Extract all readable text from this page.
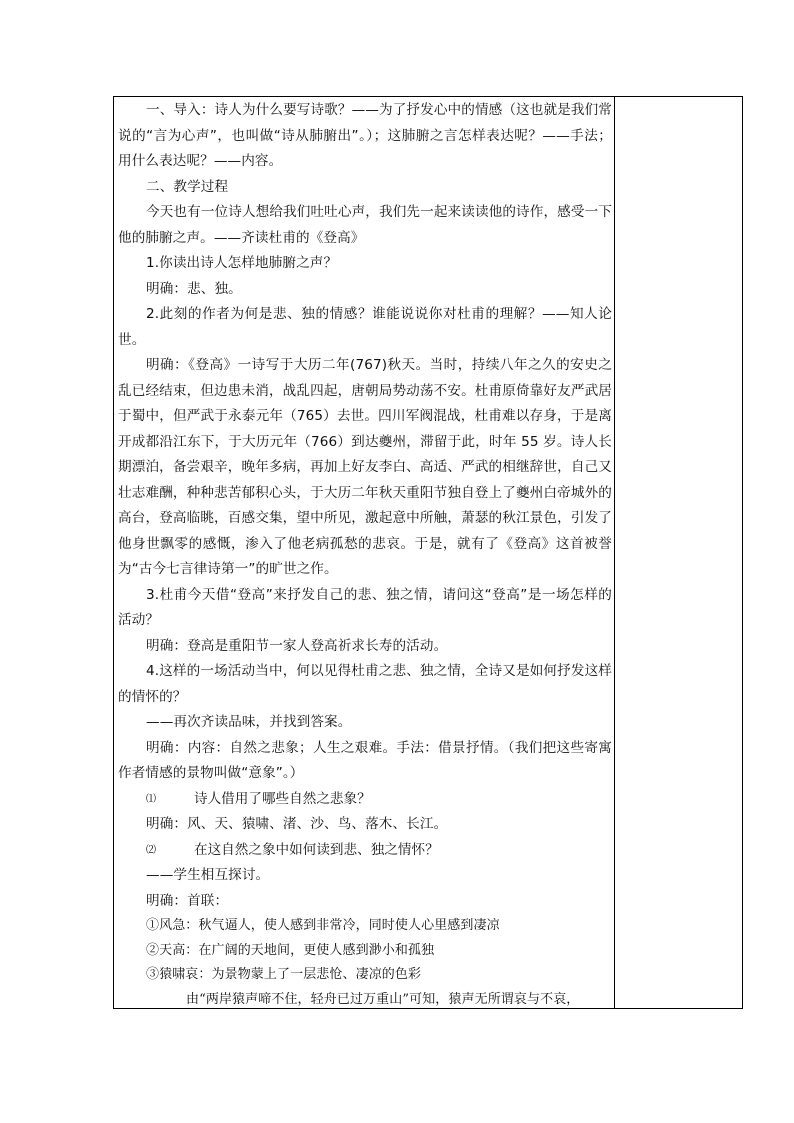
一、导入：诗人为什么要写诗歌？——为了抒发心中的情感（这也就是我们常说的“言为心声”，也叫做“诗从肺腑出”。）；这肺腑之言怎样表达呢？——手法；用什么表达呢？——内容。

二、教学过程

今天也有一位诗人想给我们吐吐心声，我们先一起来读读他的诗作，感受一下他的肺腑之声。——齐读杜甫的《登高》

1.你读出诗人怎样地肺腑之声？

明确：悲、独。

2.此刻的作者为何是悲、独的情感？谁能说说你对杜甫的理解？——知人论世。

明确：《登高》一诗写于大历二年(767)秋天。当时，持续八年之久的安史之乱已经结束，但边患未消，战乱四起，唐朝局势动荡不安。杜甫原倚靠好友严武居于蜀中，但严武于永泰元年（765）去世。四川军阀混战，杜甫难以存身，于是离开成都沿江东下，于大历元年（766）到达夔州，滞留于此，时年 55 岁。诗人长期漂泊，备尝艰辛，晚年多病，再加上好友李白、高适、严武的相继辞世，自己又壮志难酬，种种悲苦郁积心头，于大历二年秋天重阳节独自登上了夔州白帝城外的高台，登高临眺，百感交集，望中所见，激起意中所触，萧瑟的秋江景色，引发了他身世飘零的感慨，渗入了他老病孤愁的悲哀。于是，就有了《登高》这首被誉为“古今七言律诗第一”的旷世之作。

3.杜甫今天借“登高”来抒发自己的悲、独之情，请问这“登高”是一场怎样的活动？

明确：登高是重阳节一家人登高祈求长寿的活动。

4.这样的一场活动当中，何以见得杜甫之悲、独之情，全诗又是如何抒发这样的情怀的？

——再次齐读品味，并找到答案。

明确：内容：自然之悲象；人生之艰难。手法：借景抒情。（我们把这些寄寓作者情感的景物叫做“意象”。）

⑴	诗人借用了哪些自然之悲象？

明确：风、天、猿啸、渚、沙、鸟、落木、长江。

⑵	在这自然之象中如何读到悲、独之情怀？

——学生相互探讨。

明确：首联：

①风急：秋气逼人，使人感到非常冷，同时使人心里感到凄凉

②天高：在广阔的天地间，更使人感到渺小和孤独

③猿啸哀：为景物蒙上了一层悲怆、凄凉的色彩

由“两岸猿声啼不住，轻舟已过万重山”可知，猿声无所谓哀与不哀，
